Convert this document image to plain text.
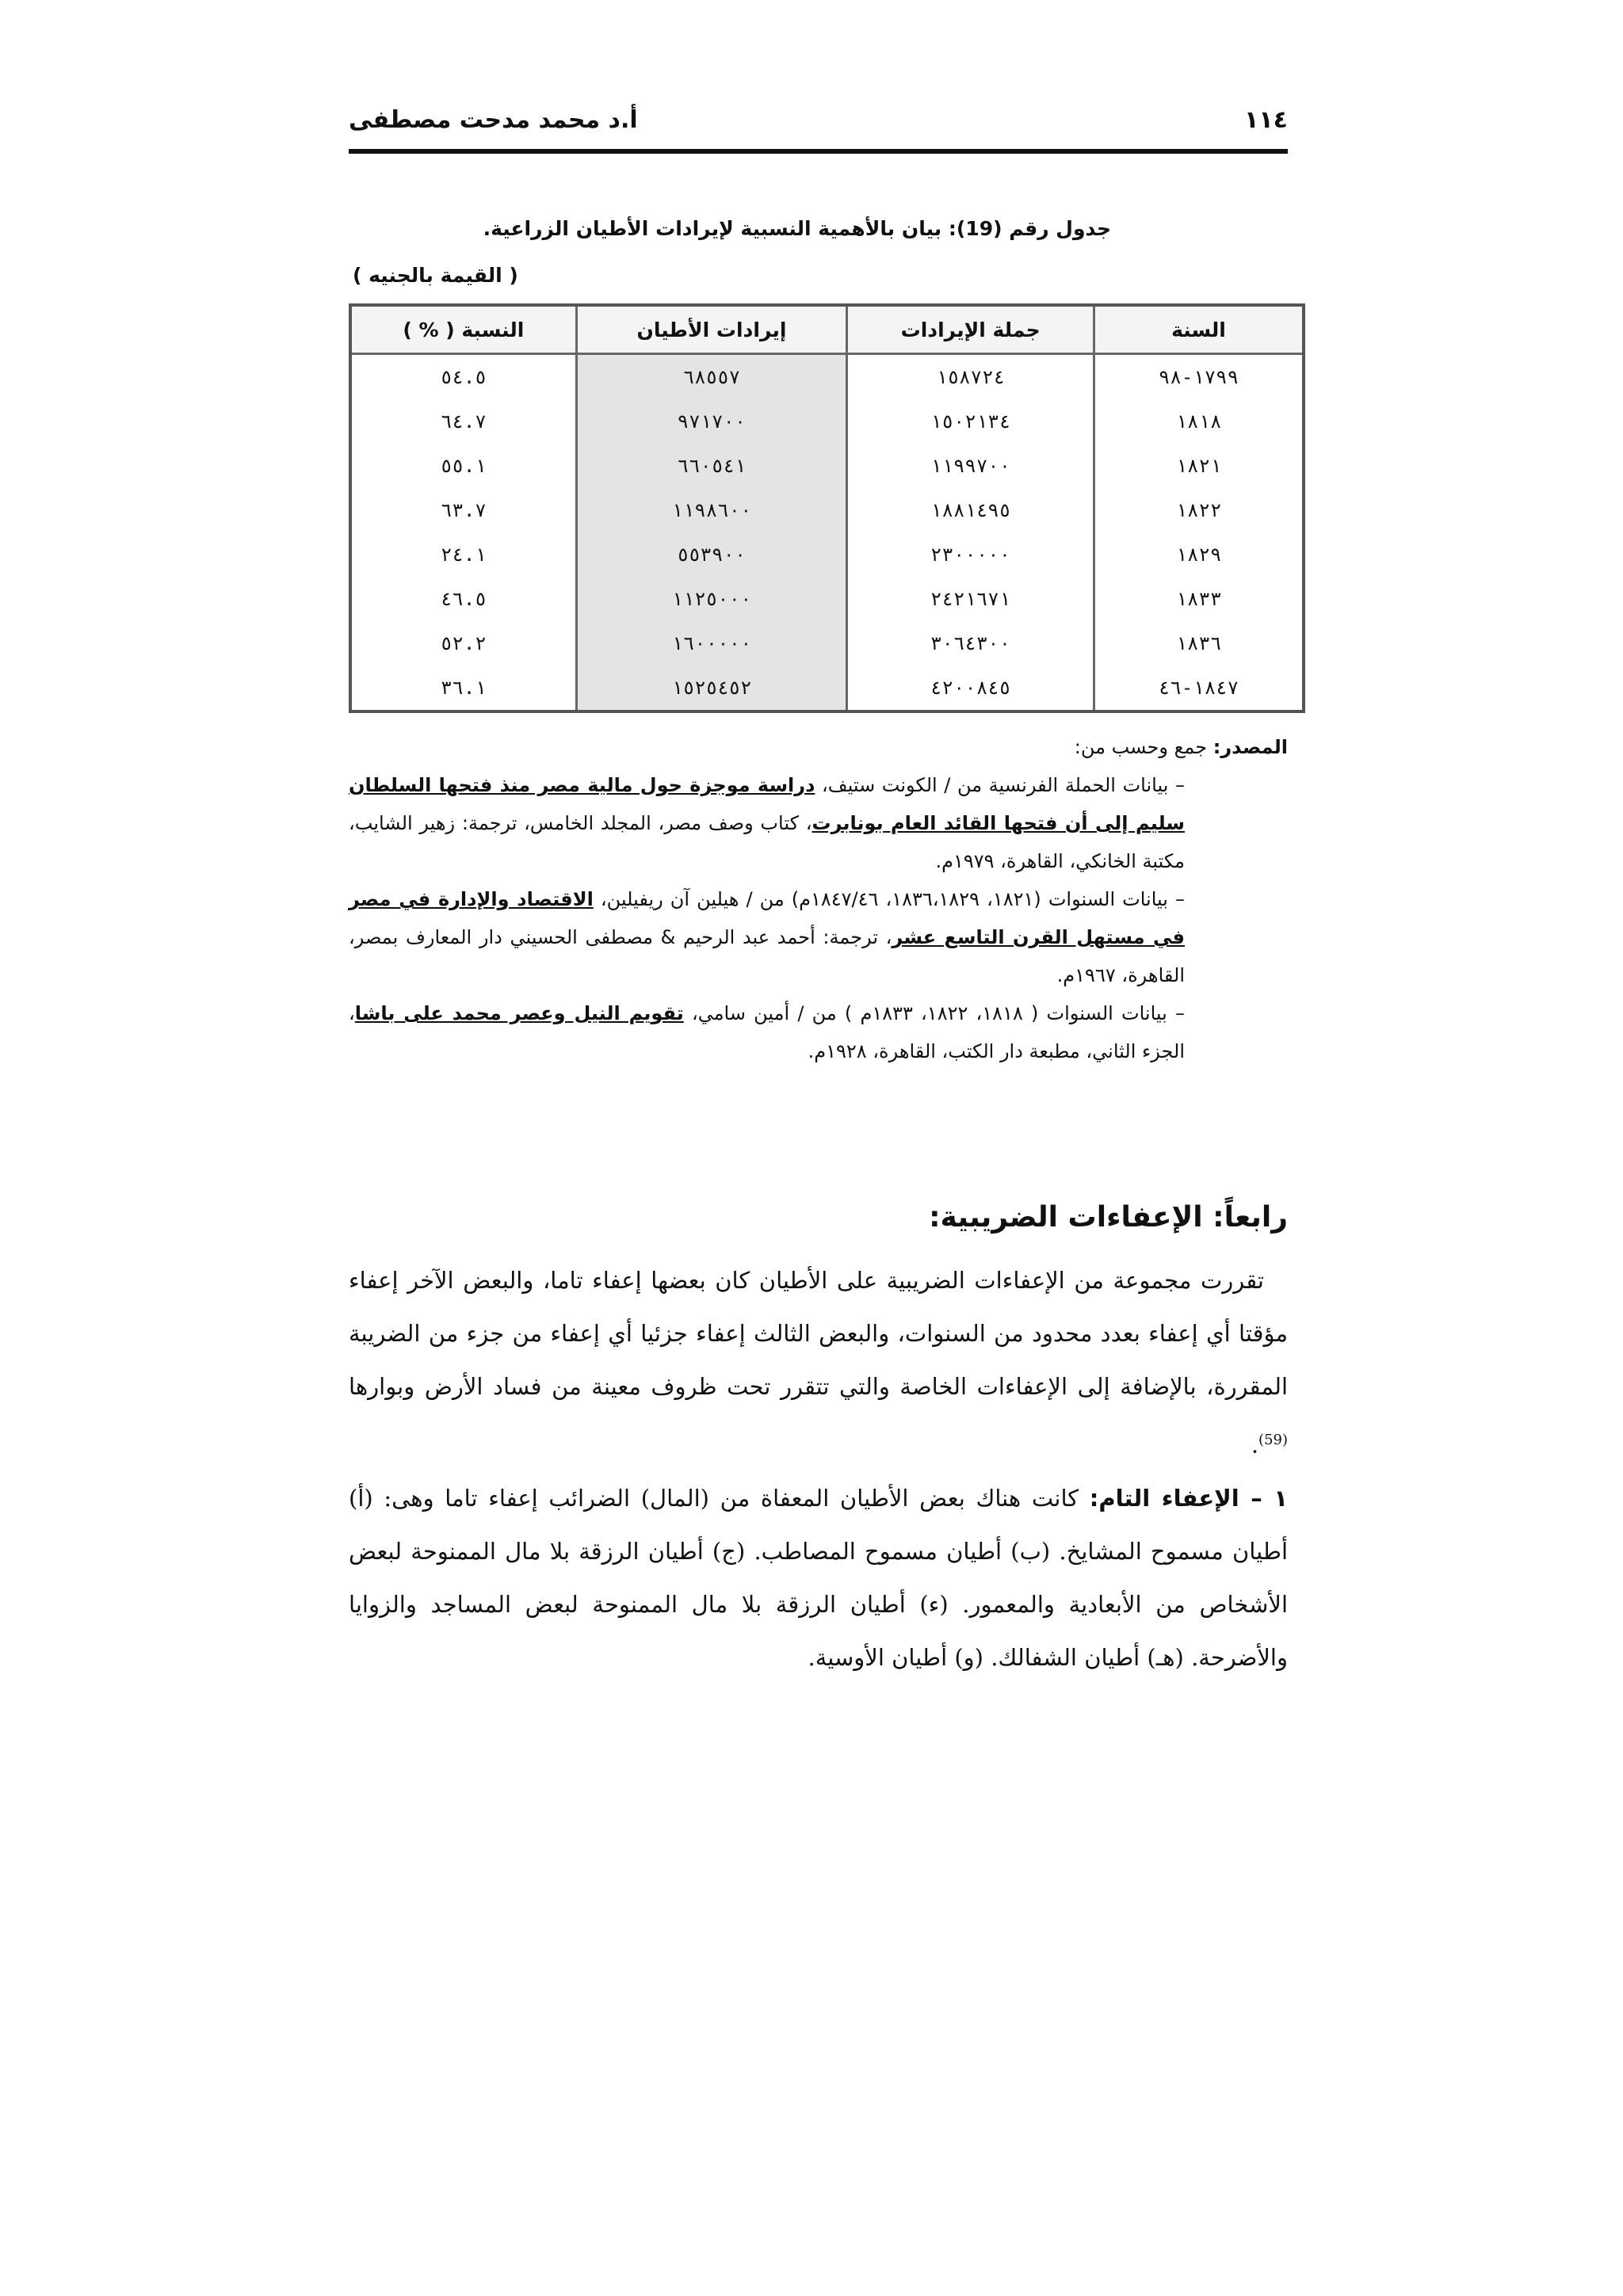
١١٤
أ.د محمد مدحت مصطفى
جدول رقم (19): بيان بالأهمية النسبية لإيرادات الأطيان الزراعية.
( القيمة بالجنيه )
السنة	جملة الإيرادات	إيرادات الأطيان	النسبة ( % )
١٧٩٩-٩٨	١٥٨٧٢٤	٦٨٥٥٧	٥٤.٥
١٨١٨	١٥٠٢١٣٤	٩٧١٧٠٠	٦٤.٧
١٨٢١	١١٩٩٧٠٠	٦٦٠٥٤١	٥٥.١
١٨٢٢	١٨٨١٤٩٥	١١٩٨٦٠٠	٦٣.٧
١٨٢٩	٢٣٠٠٠٠٠	٥٥٣٩٠٠	٢٤.١
١٨٣٣	٢٤٢١٦٧١	١١٢٥٠٠٠	٤٦.٥
١٨٣٦	٣٠٦٤٣٠٠	١٦٠٠٠٠٠	٥٢.٢
١٨٤٧-٤٦	٤٢٠٠٨٤٥	١٥٢٥٤٥٢	٣٦.١
المصدر: جمع وحسب من:

– بيانات الحملة الفرنسية من / الكونت ستيف، دراسة موجزة حول مالية مصر منذ فتحها السلطان سليم إلى أن فتحها القائد العام بونابرت، كتاب وصف مصر، المجلد الخامس، ترجمة: زهير الشايب، مكتبة الخانكي، القاهرة، ١٩٧٩م.

– بيانات السنوات (١٨٢١، ١٨٣٦،١٨٢٩، ١٨٤٧/٤٦م) من / هيلين آن ريفيلين، الاقتصاد والإدارة في مصر في مستهل القرن التاسع عشر، ترجمة: أحمد عبد الرحيم & مصطفى الحسيني دار المعارف بمصر، القاهرة، ١٩٦٧م.

– بيانات السنوات ( ١٨١٨، ١٨٢٢، ١٨٣٣م ) من / أمين سامي، تقويم النيل وعصر محمد على باشا، الجزء الثاني، مطبعة دار الكتب، القاهرة، ١٩٢٨م.

رابعاً: الإعفاءات الضريبية:

تقررت مجموعة من الإعفاءات الضريبية على الأطيان كان بعضها إعفاء تاما، والبعض الآخر إعفاء مؤقتا أي إعفاء بعدد محدود من السنوات، والبعض الثالث إعفاء جزئيا أي إعفاء من جزء من الضريبة المقررة، بالإضافة إلى الإعفاءات الخاصة والتي تتقرر تحت ظروف معينة من فساد الأرض وبوارها $^{(59)}$.

١ – الإعفاء التام: كانت هناك بعض الأطيان المعفاة من (المال) الضرائب إعفاء تاما وهى: (أ) أطيان مسموح المشايخ. (ب) أطيان مسموح المصاطب. (ج) أطيان الرزقة بلا مال الممنوحة لبعض الأشخاص من الأبعادية والمعمور. (ء) أطيان الرزقة بلا مال الممنوحة لبعض المساجد والزوايا والأضرحة. (هـ) أطيان الشفالك. (و) أطيان الأوسية.
